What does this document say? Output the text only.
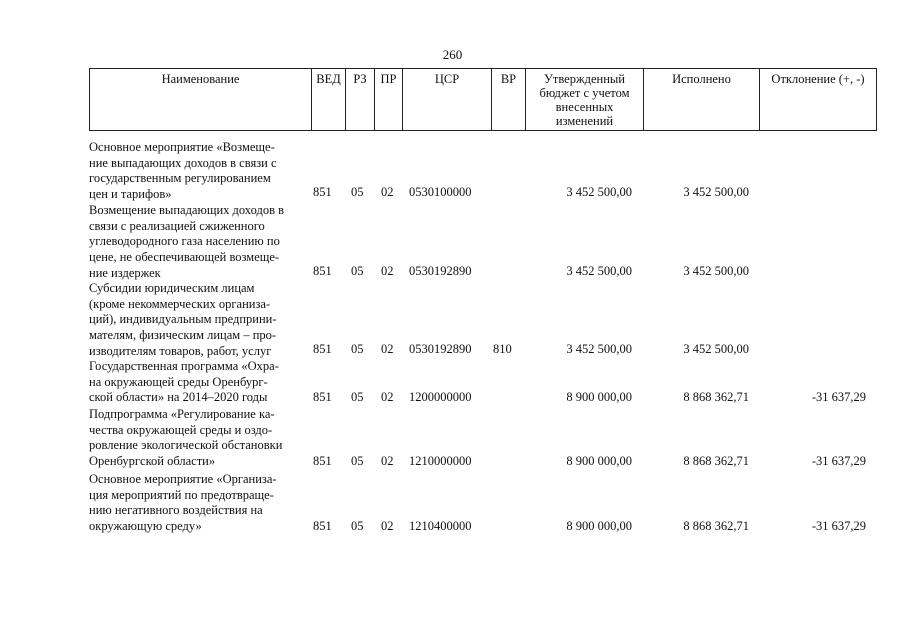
260
Наименование	ВЕД	РЗ	ПР	ЦСР	ВР	Утвержденный бюджет с учетом внесенных изменений	Исполнено	Отклонение (+, -)
Основное мероприятие «Возмеще-
ние выпадающих доходов в связи с
государственным регулированием
цен и тарифов»	851 05 02 0530100000	3 452 500,00	3 452 500,00
Возмещение выпадающих доходов в
связи с реализацией сжиженного
углеводородного газа населению по
цене, не обеспечивающей возмеще-
ние издержек	851 05 02 0530192890	3 452 500,00	3 452 500,00
Субсидии юридическим лицам
(кроме некоммерческих организа-
ций), индивидуальным предприни-
мателям, физическим лицам – про-
изводителям товаров, работ, услуг	851 05 02 0530192890 810	3 452 500,00	3 452 500,00
Государственная программа «Охра-
на окружающей среды Оренбург-
ской области» на 2014–2020 годы	851 05 02 1200000000	8 900 000,00	8 868 362,71	-31 637,29
Подпрограмма «Регулирование ка-
чества окружающей среды и оздо-
ровление экологической обстановки
Оренбургской области»	851 05 02 1210000000	8 900 000,00	8 868 362,71	-31 637,29
Основное мероприятие «Организа-
ция мероприятий по предотвраще-
нию негативного воздействия на
окружающую среду»	851 05 02 1210400000	8 900 000,00	8 868 362,71	-31 637,29
